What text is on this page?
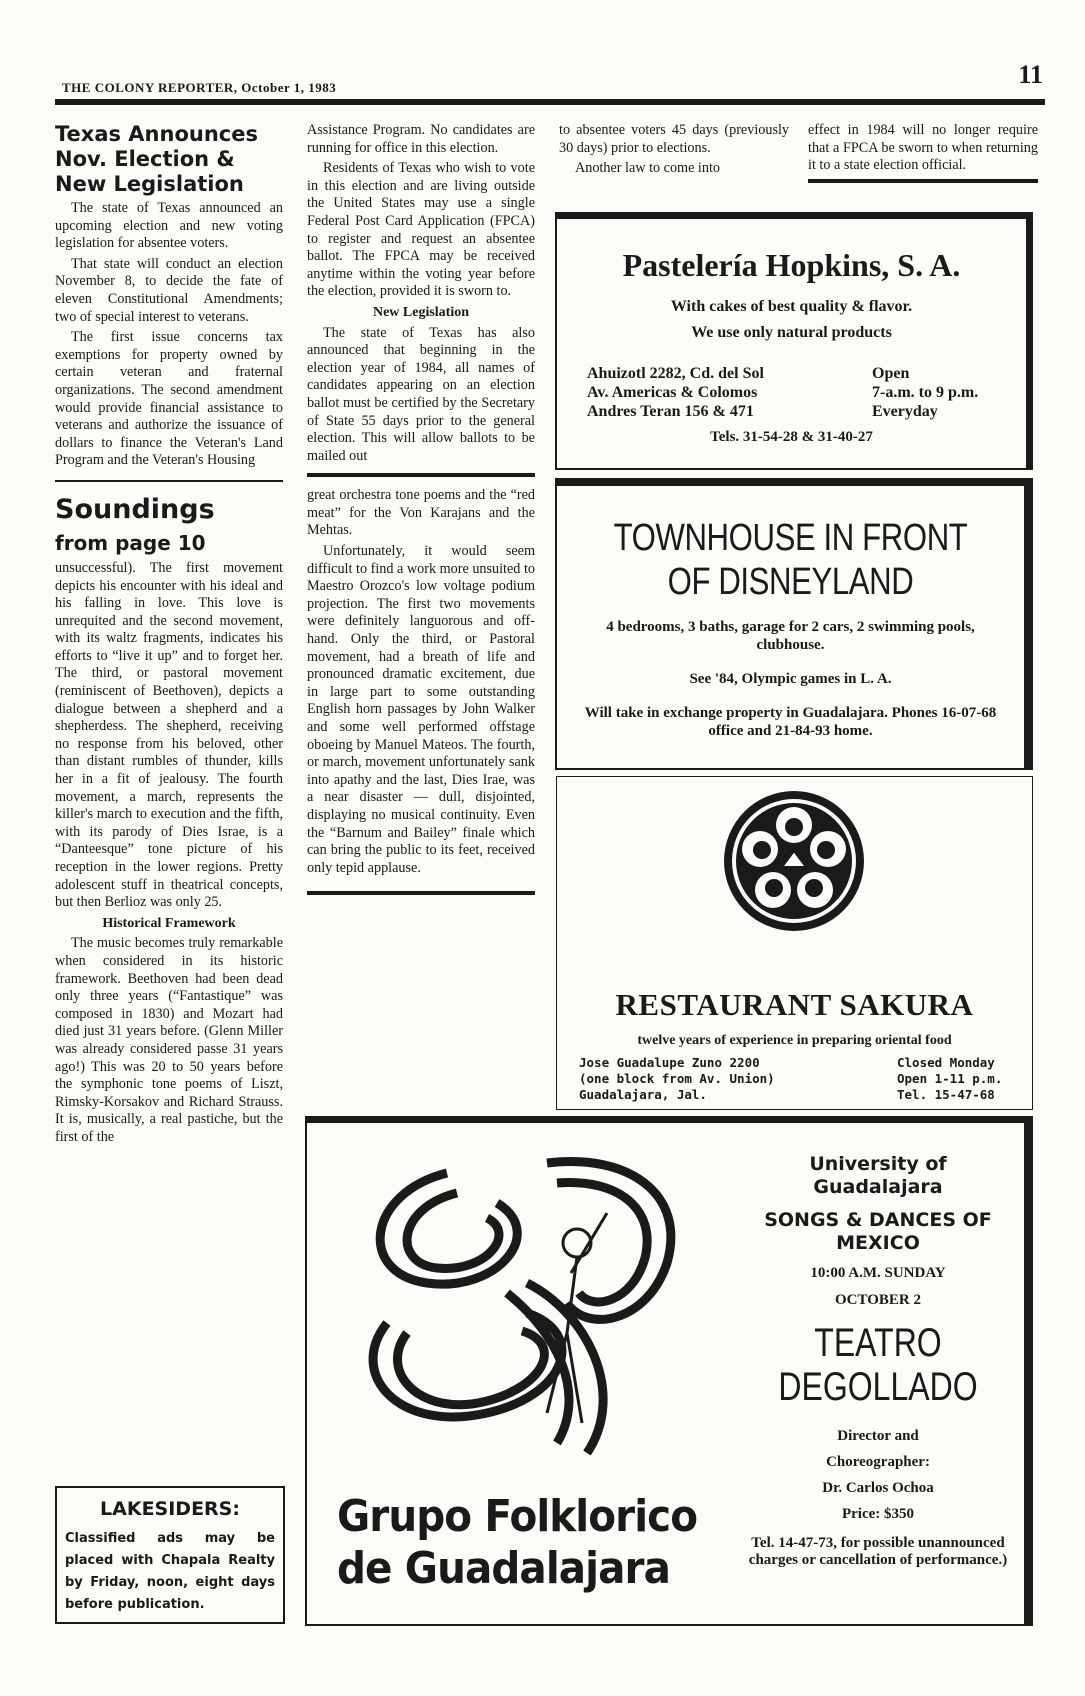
THE COLONY REPORTER, October 1, 1983	11

Texas Announces Nov. Election & New Legislation

The state of Texas announced an upcoming election and new voting legislation for absentee voters.

That state will conduct an election November 8, to decide the fate of eleven Constitutional Amendments; two of special interest to veterans.

The first issue concerns tax exemptions for property owned by certain veteran and fraternal organizations. The second amendment would provide financial assistance to veterans and authorize the issuance of dollars to finance the Veteran's Land Program and the Veteran's Housing

Soundings

from page 10

unsuccessful). The first movement depicts his encounter with his ideal and his falling in love. This love is unrequited and the second movement, with its waltz fragments, indicates his efforts to “live it up” and to forget her. The third, or pastoral movement (reminiscent of Beethoven), depicts a dialogue between a shepherd and a shepherdess. The shepherd, receiving no response from his beloved, other than distant rumbles of thunder, kills her in a fit of jealousy. The fourth movement, a march, represents the killer's march to execution and the fifth, with its parody of Dies Israe, is a “Danteesque” tone picture of his reception in the lower regions. Pretty adolescent stuff in theatrical concepts, but then Berlioz was only 25.

Historical Framework

The music becomes truly remarkable when considered in its historic framework. Beethoven had been dead only three years (“Fantastique” was composed in 1830) and Mozart had died just 31 years before. (Glenn Miller was already considered passe 31 years ago!) This was 20 to 50 years before the symphonic tone poems of Liszt, Rimsky-Korsakov and Richard Strauss. It is, musically, a real pastiche, but the first of the

LAKESIDERS:
Classified ads may be placed with Chapala Realty by Friday, noon, eight days before publication.

Assistance Program. No candidates are running for office in this election.

Residents of Texas who wish to vote in this election and are living outside the United States may use a single Federal Post Card Application (FPCA) to register and request an absentee ballot. The FPCA may be received anytime within the voting year before the election, provided it is sworn to.

New Legislation

The state of Texas has also announced that beginning in the election year of 1984, all names of candidates appearing on an election ballot must be certified by the Secretary of State 55 days prior to the general election. This will allow ballots to be mailed out

great orchestra tone poems and the “red meat” for the Von Karajans and the Mehtas.

Unfortunately, it would seem difficult to find a work more unsuited to Maestro Orozco's low voltage podium projection. The first two movements were definitely languorous and off-hand. Only the third, or Pastoral movement, had a breath of life and pronounced dramatic excitement, due in large part to some outstanding English horn passages by John Walker and some well performed offstage oboeing by Manuel Mateos. The fourth, or march, movement unfortunately sank into apathy and the last, Dies Irae, was a near disaster — dull, disjointed, displaying no musical continuity. Even the “Barnum and Bailey” finale which can bring the public to its feet, received only tepid applause.

to absentee voters 45 days (previously 30 days) prior to elections.

Another law to come into

effect in 1984 will no longer require that a FPCA be sworn to when returning it to a state election official.

Pastelería Hopkins, S. A.
With cakes of best quality & flavor.
We use only natural products
Ahuizotl 2282, Cd. del Sol
Av. Americas & Colomos
Andres Teran 156 & 471
Open
7-a.m. to 9 p.m.
Everyday
Tels. 31-54-28 & 31-40-27
TOWNHOUSE IN FRONT
OF DISNEYLAND
4 bedrooms, 3 baths, garage for 2 cars, 2 swimming pools, clubhouse.
See '84, Olympic games in L. A.
Will take in exchange property in Guadalajara. Phones 16-07-68 office and 21-84-93 home.
RESTAURANT SAKURA
twelve years of experience in preparing oriental food
Jose Guadalupe Zuno 2200
(one block from Av. Union)
Guadalajara, Jal.
Closed Monday
Open 1-11 p.m.
Tel. 15-47-68
Grupo Folklorico
de Guadalajara
University of Guadalajara
SONGS & DANCES OF MEXICO
10:00 A.M. SUNDAY
OCTOBER 2
TEATRO
DEGOLLADO
Director and
Choreographer:
Dr. Carlos Ochoa
Price: $350
Tel. 14-47-73, for possible unannounced charges or cancellation of performance.)
